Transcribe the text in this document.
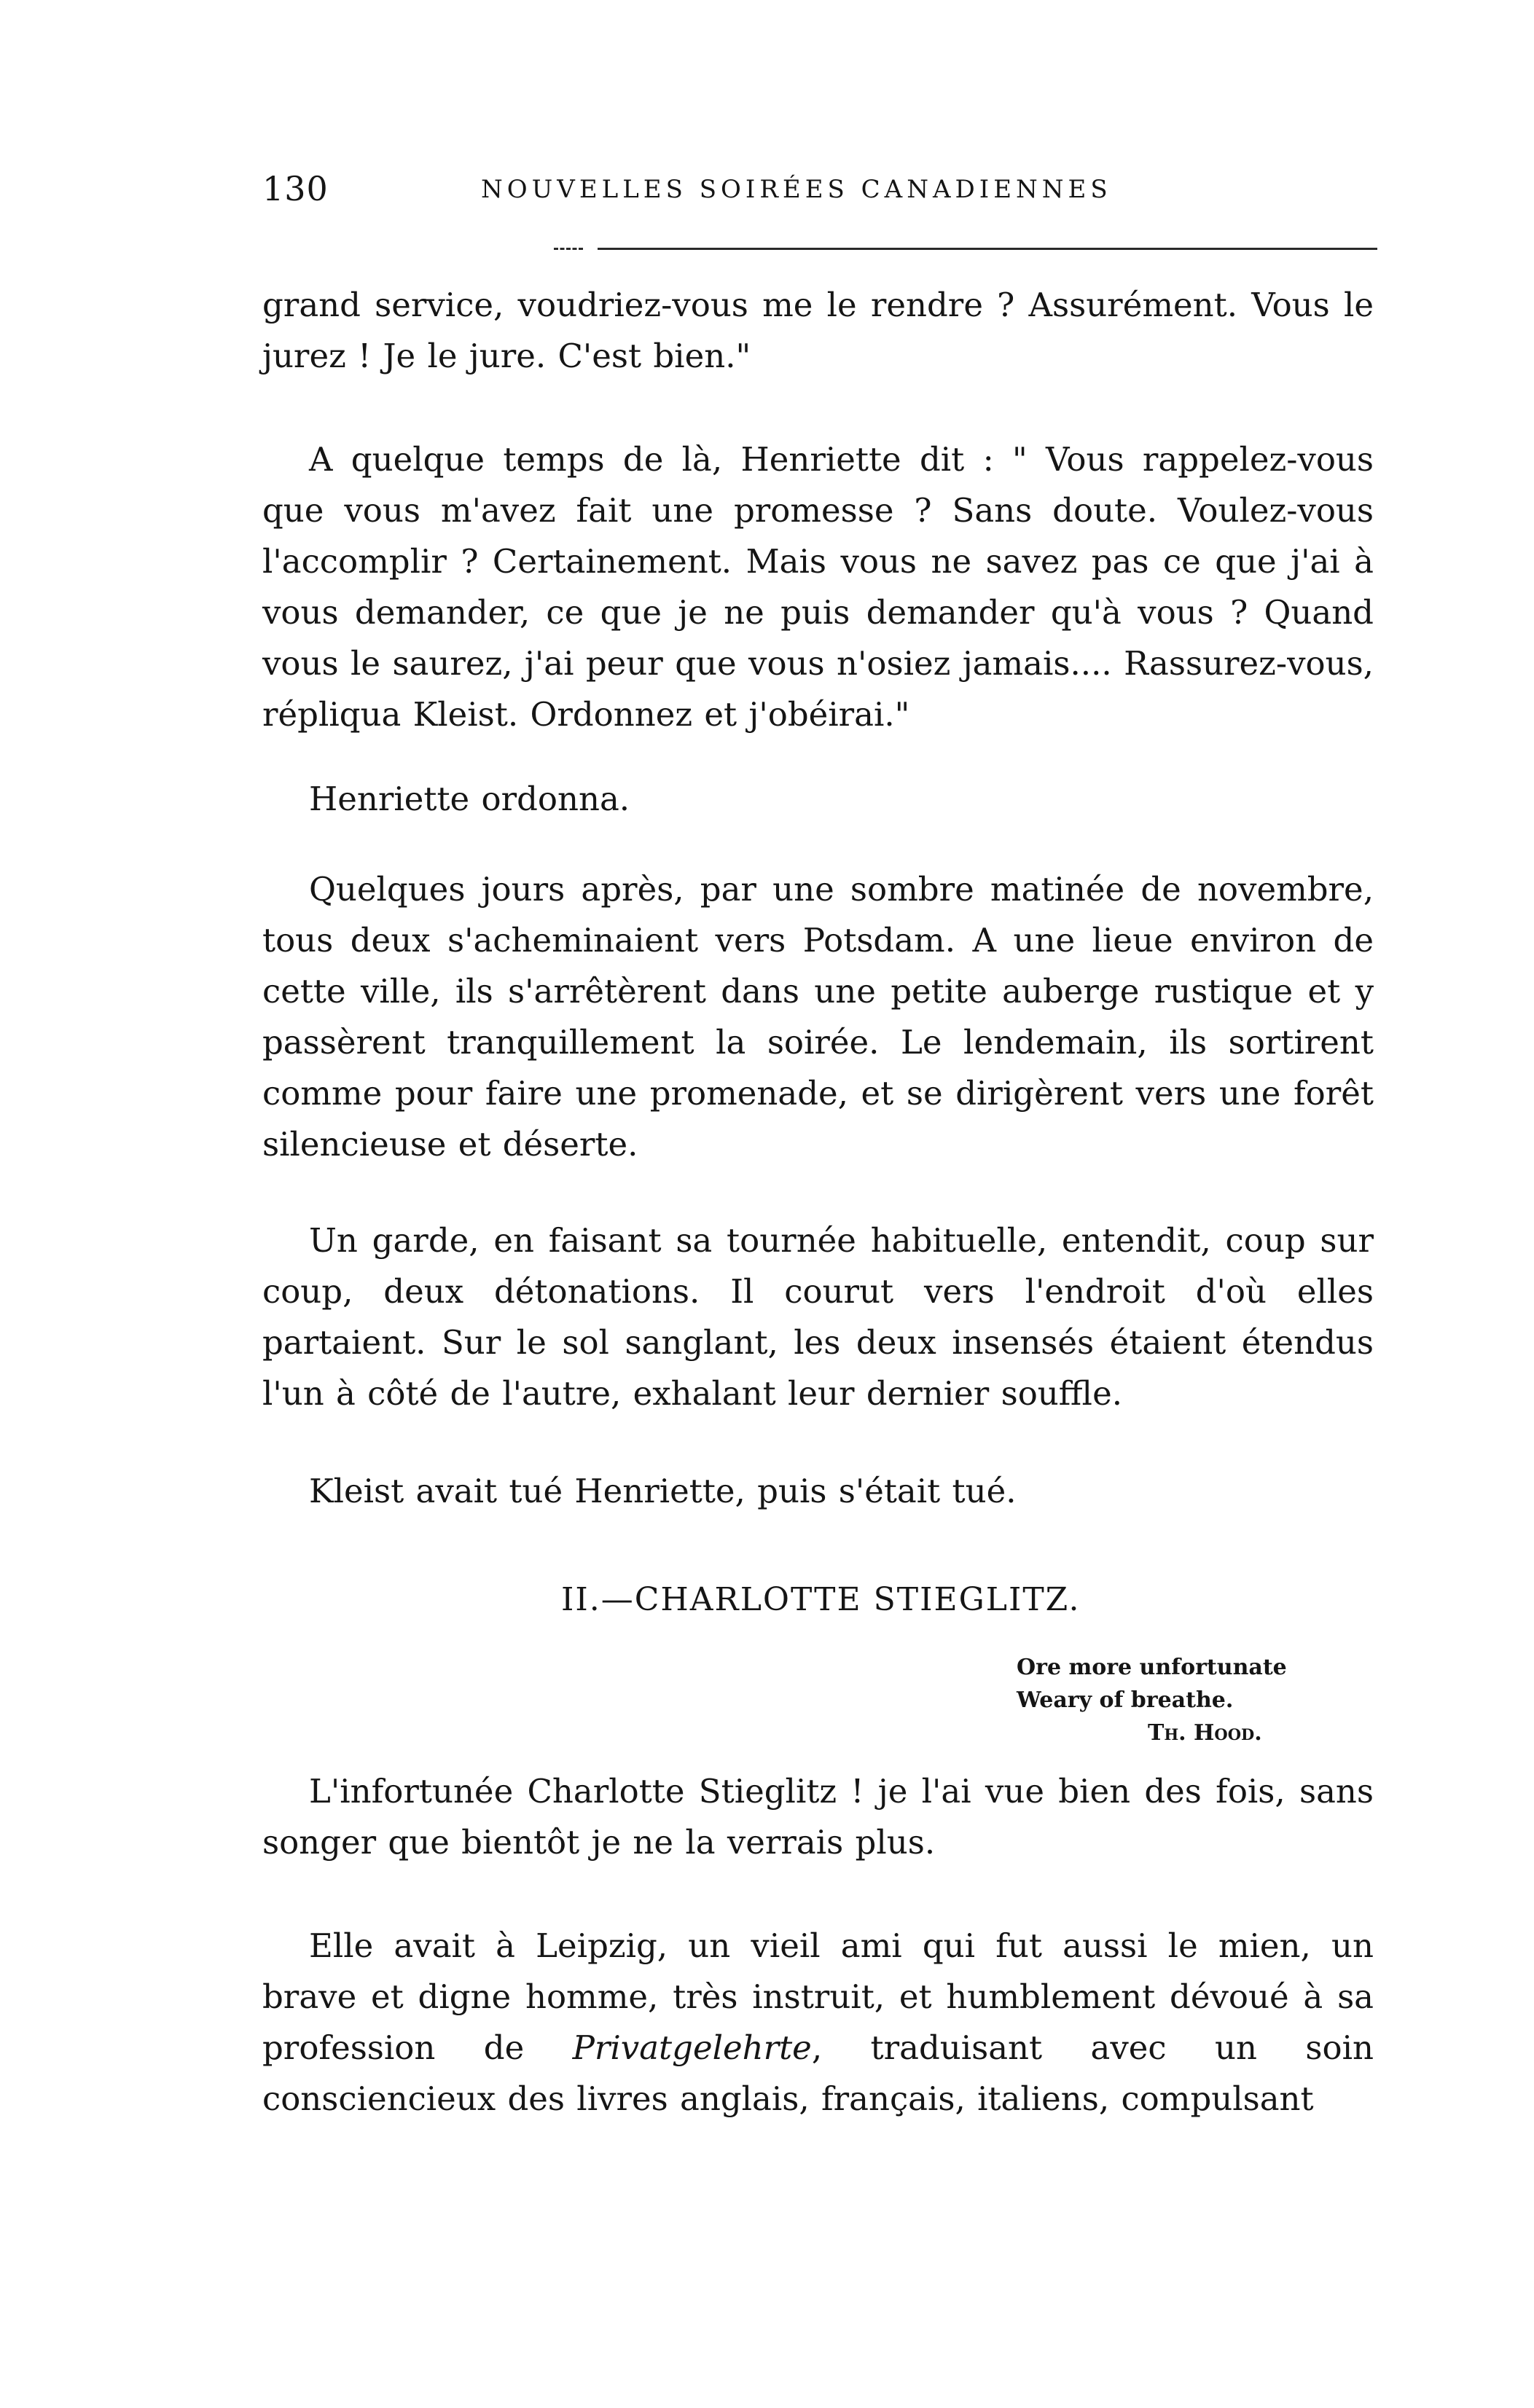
130	NOUVELLES SOIRÉES CANADIENNES

grand service, voudriez-vous me le rendre ? Assurément. Vous le jurez ! Je le jure. C'est bien."

A quelque temps de là, Henriette dit : " Vous rappelez-vous que vous m'avez fait une promesse ? Sans doute. Voulez-vous l'accomplir ? Certainement. Mais vous ne savez pas ce que j'ai à vous demander, ce que je ne puis demander qu'à vous ? Quand vous le saurez, j'ai peur que vous n'osiez jamais.... Rassurez-vous, répliqua Kleist. Ordonnez et j'obéirai."

Henriette ordonna.

Quelques jours après, par une sombre matinée de novembre, tous deux s'acheminaient vers Potsdam. A une lieue environ de cette ville, ils s'arrêtèrent dans une petite auberge rustique et y passèrent tranquillement la soirée. Le lendemain, ils sortirent comme pour faire une promenade, et se dirigèrent vers une forêt silencieuse et déserte.

Un garde, en faisant sa tournée habituelle, entendit, coup sur coup, deux détonations. Il courut vers l'endroit d'où elles partaient. Sur le sol sanglant, les deux insensés étaient étendus l'un à côté de l'autre, exhalant leur dernier souffle.

Kleist avait tué Henriette, puis s'était tué.

II.—CHARLOTTE STIEGLITZ.
Ore more unfortunate
Weary of breathe.

Th. Hood.

L'infortunée Charlotte Stieglitz ! je l'ai vue bien des fois, sans songer que bientôt je ne la verrais plus.

Elle avait à Leipzig, un vieil ami qui fut aussi le mien, un brave et digne homme, très instruit, et humblement dévoué à sa profession de Privatgelehrte, traduisant avec un soin consciencieux des livres anglais, français, italiens, compulsant
